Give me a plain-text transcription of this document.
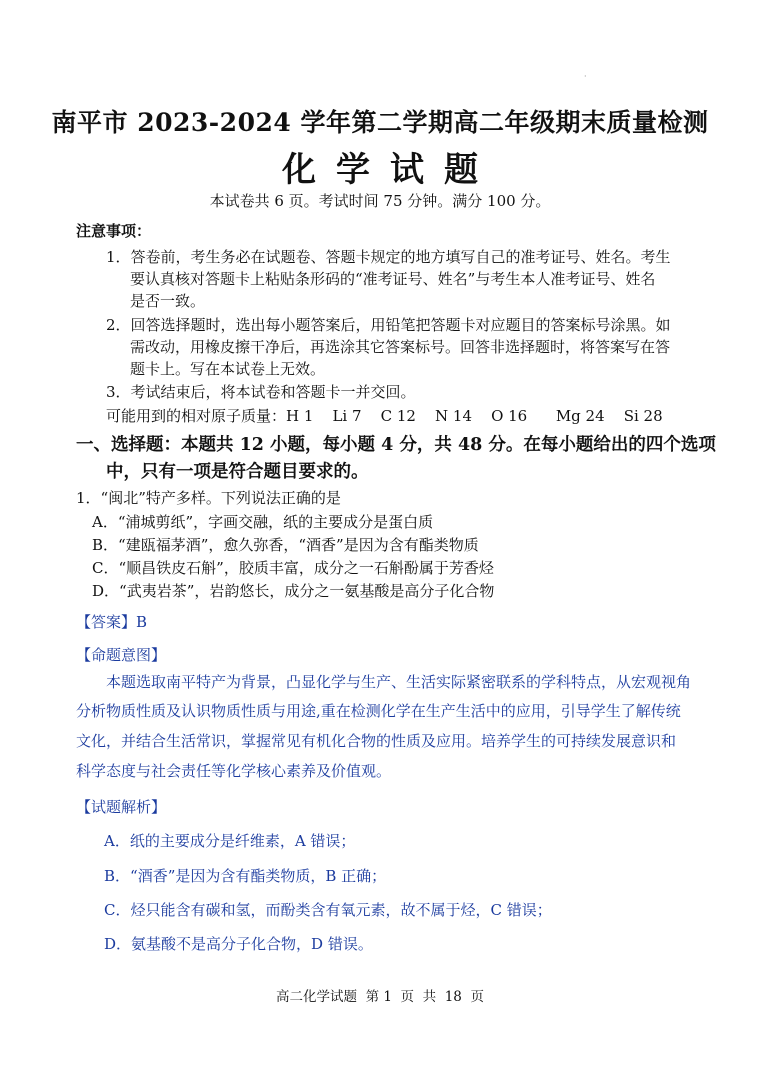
·
南平市 2023-2024 学年第二学期高二年级期末质量检测
化学试题
本试卷共 6 页。考试时间 75 分钟。满分 100 分。
注意事项：
1．答卷前，考生务必在试题卷、答题卡规定的地方填写自己的准考证号、姓名。考生
要认真核对答题卡上粘贴条形码的“准考证号、姓名”与考生本人准考证号、姓名
是否一致。
2．回答选择题时，选出每小题答案后，用铅笔把答题卡对应题目的答案标号涂黑。如
需改动，用橡皮擦干净后，再选涂其它答案标号。回答非选择题时，将答案写在答
题卡上。写在本试卷上无效。
3．考试结束后，将本试卷和答题卡一并交回。
可能用到的相对原子质量：H 1    Li 7    C 12    N 14    O 16      Mg 24    Si 28
一、选择题：本题共 12 小题，每小题 4 分，共 48 分。在每小题给出的四个选项
中，只有一项是符合题目要求的。
1．“闽北”特产多样。下列说法正确的是
A．“浦城剪纸”，字画交融，纸的主要成分是蛋白质
B．“建瓯福茅酒”，愈久弥香，“酒香”是因为含有酯类物质
C．“顺昌铁皮石斛”，胶质丰富，成分之一石斛酚属于芳香烃
D．“武夷岩茶”，岩韵悠长，成分之一氨基酸是高分子化合物
【答案】B
【命题意图】
本题选取南平特产为背景，凸显化学与生产、生活实际紧密联系的学科特点，从宏观视角
分析物质性质及认识物质性质与用途,重在检测化学在生产生活中的应用，引导学生了解传统
文化，并结合生活常识，掌握常见有机化合物的性质及应用。培养学生的可持续发展意识和
科学态度与社会责任等化学核心素养及价值观。
【试题解析】
A．纸的主要成分是纤维素，A 错误；
B．“酒香”是因为含有酯类物质，B 正确；
C．烃只能含有碳和氢，而酚类含有氧元素，故不属于烃，C 错误；
D．氨基酸不是高分子化合物，D 错误。
高二化学试题  第 1  页  共  18  页
